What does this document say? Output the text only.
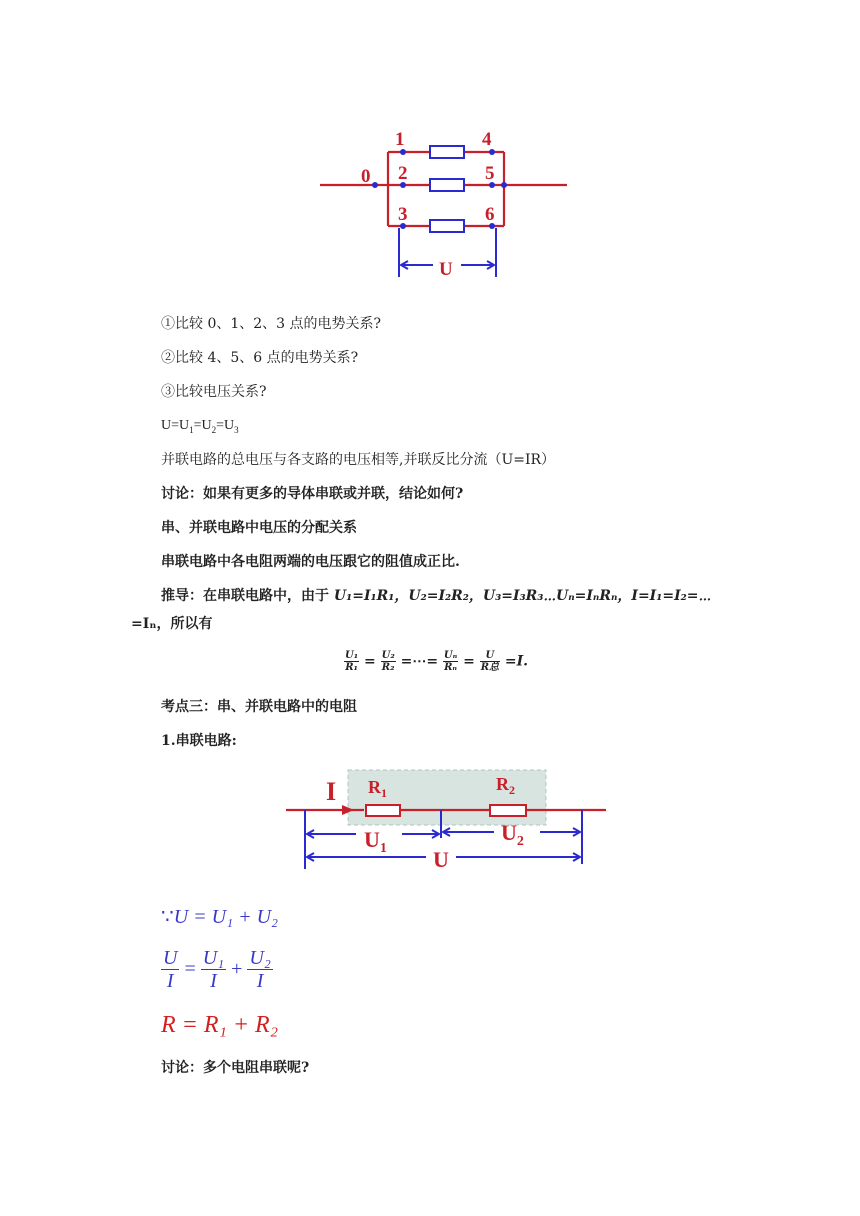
0
1
2
3
4
5
6
U
①比较 0、1、2、3 点的电势关系?
②比较 4、5、6 点的电势关系?
③比较电压关系?
$U=U_1=U_2=U_3$
并联电路的总电压与各支路的电压相等,并联反比分流（U=IR）
讨论：如果有更多的导体串联或并联，结论如何?
串、并联电路中电压的分配关系
串联电路中各电阻两端的电压跟它的阻值成正比.
推导：在串联电路中，由于 U₁=I₁R₁，U₂=I₂R₂，U₃=I₃R₃⋯Uₙ=IₙRₙ，I=I₁=I₂=⋯
=Iₙ，所以有
$\frac{\text{U₁}}{\text{R₁}} = \frac{\text{U₂}}{\text{R₂}}$ =⋯= $\frac{\text{Uₙ}}{\text{Rₙ}} = \frac{U}{\text{R总}} =I$.
考点三：串、并联电路中的电阻
1.串联电路:
I $R_1$	$R_2$
$U_1$
$U_2$
U
∵U = U₁ + U₂
$\frac{U}{I} = \frac{\text{U₁}}{I} + \frac{\text{U₂}}{I}$
R = R₁ + R₂
讨论：多个电阻串联呢?
